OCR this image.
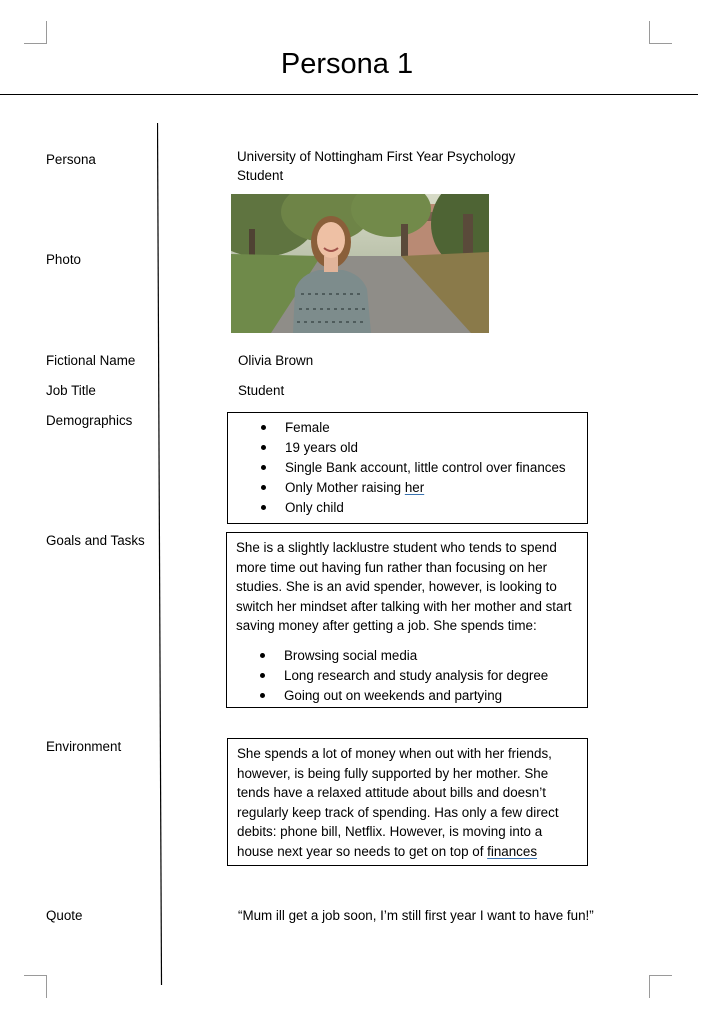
Persona 1
Persona	University of Nottingham First Year Psychology
Student
Photo
Fictional Name	Olivia Brown
Job Title	Student
Demographics	Female
19 years old
Single Bank account, little control over finances
Only Mother raising her
Only child
Goals and Tasks	She is a slightly lacklustre student who tends to spend more time out having fun rather than focusing on her studies. She is an avid spender, however, is looking to switch her mindset after talking with her mother and start saving money after getting a job. She spends time:

Browsing social media
Long research and study analysis for degree
Going out on weekends and partying
Environment	She spends a lot of money when out with her friends, however, is being fully supported by her mother. She tends have a relaxed attitude about bills and doesn’t regularly keep track of spending. Has only a few direct debits: phone bill, Netflix. However, is moving into a house next year so needs to get on top of finances

Quote	“Mum ill get a job soon, I’m still first year I want to have fun!”
